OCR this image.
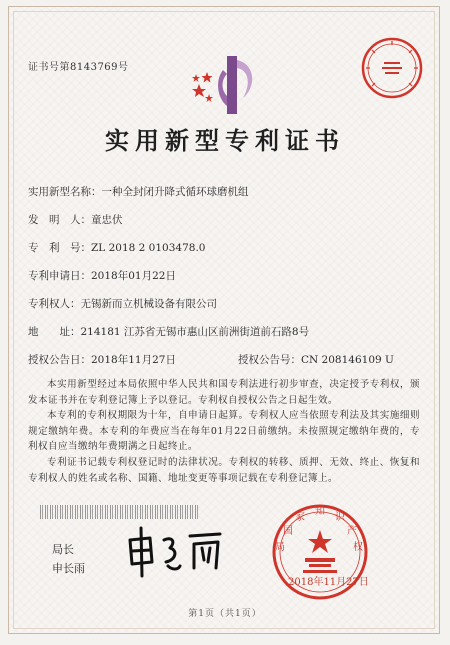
证书号第8143769号
实用新型专利证书
实用新型名称：一种全封闭升降式循环球磨机组
发　明　人：童忠伏
专　利　号：ZL 2018 2 0103478.0
专利申请日：2018年01月22日
专利权人：无锡新而立机械设备有限公司
地　　址：214181 江苏省无锡市惠山区前洲街道前石路8号
授权公告日：2018年11月27日	授权公告号：CN 208146109 U
本实用新型经过本局依照中华人民共和国专利法进行初步审查，决定授予专利权，颁发本证书并在专利登记簿上予以登记。专利权自授权公告之日起生效。
本专利的专利权期限为十年，自申请日起算。专利权人应当依照专利法及其实施细则规定缴纳年费。本专利的年费应当在每年01月22日前缴纳。未按照规定缴纳年费的，专利权自应当缴纳年费期满之日起终止。
专利证书记载专利权登记时的法律状况。专利权的转移、质押、无效、终止、恢复和专利权人的姓名或名称、国籍、地址变更等事项记载在专利登记簿上。
局长
申长雨
国
家
知
识
产
权
局
2018年11月27日
第1页（共1页）
